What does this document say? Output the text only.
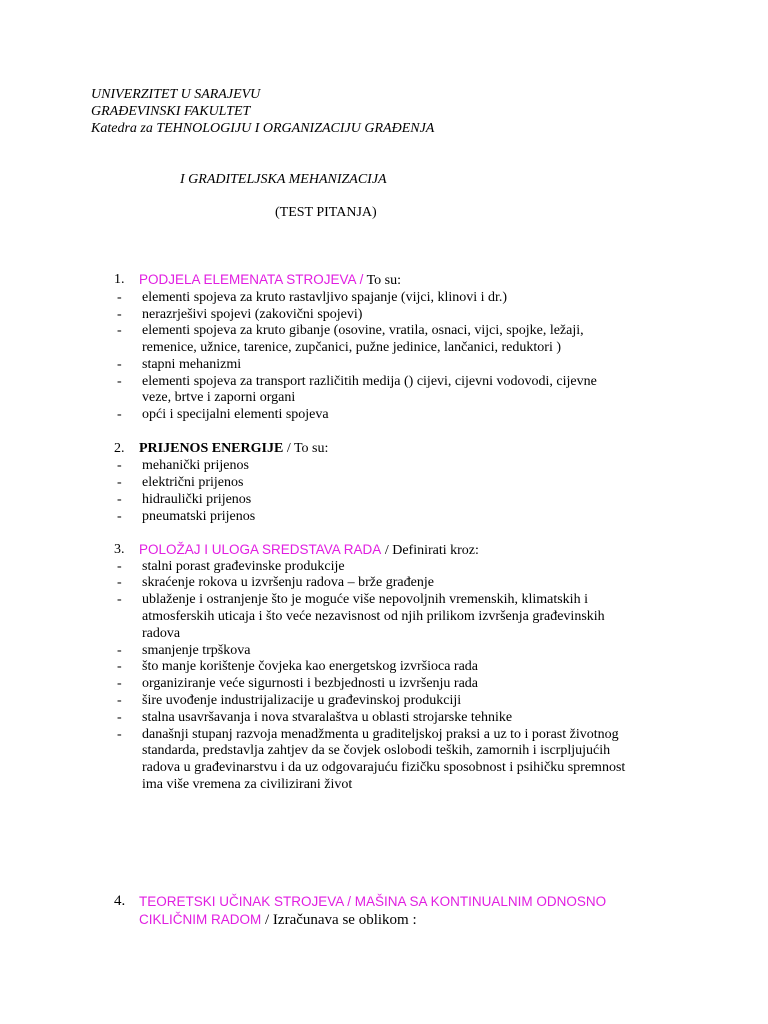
UNIVERZITET U SARAJEVU
GRAĐEVINSKI FAKULTET
Katedra za TEHNOLOGIJU I ORGANIZACIJU GRAĐENJA
I GRADITELJSKA MEHANIZACIJA
(TEST PITANJA)
1. PODJELA ELEMENATA STROJEVA / To su:
- elementi spojeva za kruto rastavljivo spajanje (vijci, klinovi i dr.)
- nerazrješivi spojevi (zakovični spojevi)
- elementi spojeva za kruto gibanje (osovine, vratila, osnaci, vijci, spojke, ležaji,
remenice, užnice, tarenice, zupčanici, pužne jedinice, lančanici, reduktori )
- stapni mehanizmi
- elementi spojeva za transport različitih medija () cijevi, cijevni vodovodi, cijevne
veze, brtve i zaporni organi
- opći i specijalni elementi spojeva
2. PRIJENOS ENERGIJE / To su:
- mehanički prijenos
- električni prijenos
- hidraulički prijenos
- pneumatski prijenos
3. POLOŽAJ I ULOGA SREDSTAVA RADA / Definirati kroz:
- stalni porast građevinske produkcije
- skraćenje rokova u izvršenju radova – brže građenje
- ublaženje i ostranjenje što je moguće više nepovoljnih vremenskih, klimatskih i
atmosferskih uticaja i što veće nezavisnost od njih prilikom izvršenja građevinskih
radova
- smanjenje trpškova
- što manje korištenje čovjeka kao energetskog izvršioca rada
- organiziranje veće sigurnosti i bezbjednosti u izvršenju rada
- šire uvođenje industrijalizacije u građevinskoj produkciji
- stalna usavršavanja i nova stvaralaštva u oblasti strojarske tehnike
- današnji stupanj razvoja menadžmenta u graditeljskoj praksi a uz to i porast životnog
standarda, predstavlja zahtjev da se čovjek oslobodi teških, zamornih i iscrpljujućih
radova u građevinarstvu i da uz odgovarajuću fizičku sposobnost i psihičku spremnost
ima više vremena za civilizirani život
4. TEORETSKI UČINAK STROJEVA / MAŠINA SA KONTINUALNIM ODNOSNO
CIKLIČNIM RADOM / Izračunava se oblikom :
